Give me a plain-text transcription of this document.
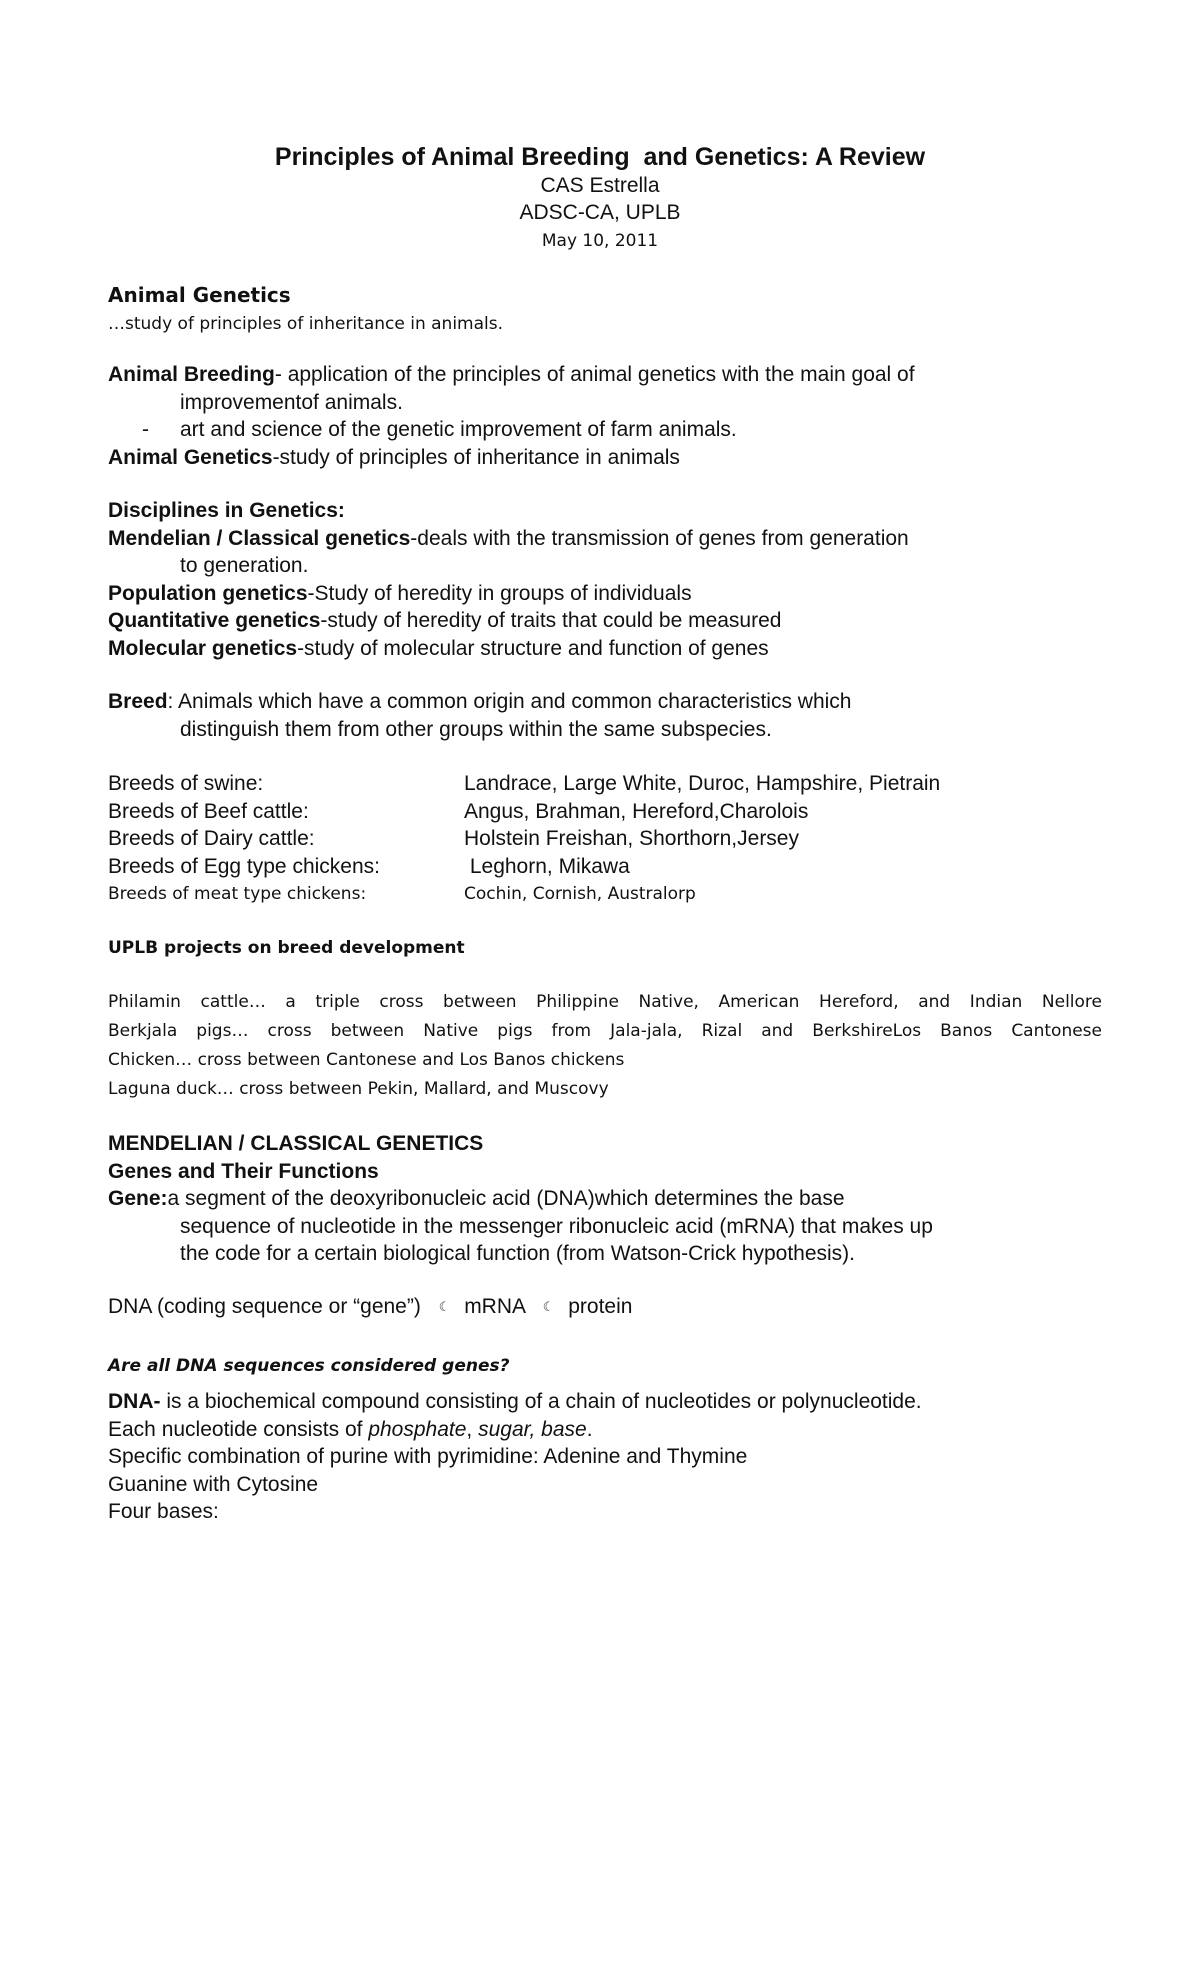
Principles of Animal Breeding  and Genetics: A Review
CAS Estrella
ADSC-CA, UPLB
May 10, 2011
Animal Genetics
…study of principles of inheritance in animals.
Animal Breeding- application of the principles of animal genetics with the main goal of
improvementof animals.
-	art and science of the genetic improvement of farm animals.
Animal Genetics-study of principles of inheritance in animals
Disciplines in Genetics:
Mendelian / Classical genetics-deals with the transmission of genes from generation
to generation.
Population genetics-Study of heredity in groups of individuals
Quantitative genetics-study of heredity of traits that could be measured
Molecular genetics-study of molecular structure and function of genes
Breed: Animals which have a common origin and common characteristics which
distinguish them from other groups within the same subspecies.
Breeds of swine:	Landrace, Large White, Duroc, Hampshire, Pietrain
Breeds of Beef cattle:	Angus, Brahman, Hereford,Charolois
Breeds of Dairy cattle:	Holstein Freishan, Shorthorn,Jersey
Breeds of Egg type chickens:	Leghorn, Mikawa
Breeds of meat type chickens:	Cochin, Cornish, Australorp
UPLB projects on breed development
Philamin cattle… a triple cross between Philippine Native, American Hereford, and Indian Nellore
Berkjala pigs… cross between Native pigs from Jala-jala, Rizal and BerkshireLos Banos Cantonese
Chicken… cross between Cantonese and Los Banos chickens
Laguna duck… cross between Pekin, Mallard, and Muscovy
MENDELIAN / CLASSICAL GENETICS
Genes and Their Functions
Gene:a segment of the deoxyribonucleic acid (DNA)which determines the base
sequence of nucleotide in the messenger ribonucleic acid (mRNA) that makes up
the code for a certain biological function (from Watson-Crick hypothesis).
DNA (coding sequence or “gene”) ☾ mRNA ☾ protein
Are all DNA sequences considered genes?
DNA- is a biochemical compound consisting of a chain of nucleotides or polynucleotide.
Each nucleotide consists of phosphate, sugar, base.
Specific combination of purine with pyrimidine: Adenine and Thymine
Guanine with Cytosine
Four bases:
